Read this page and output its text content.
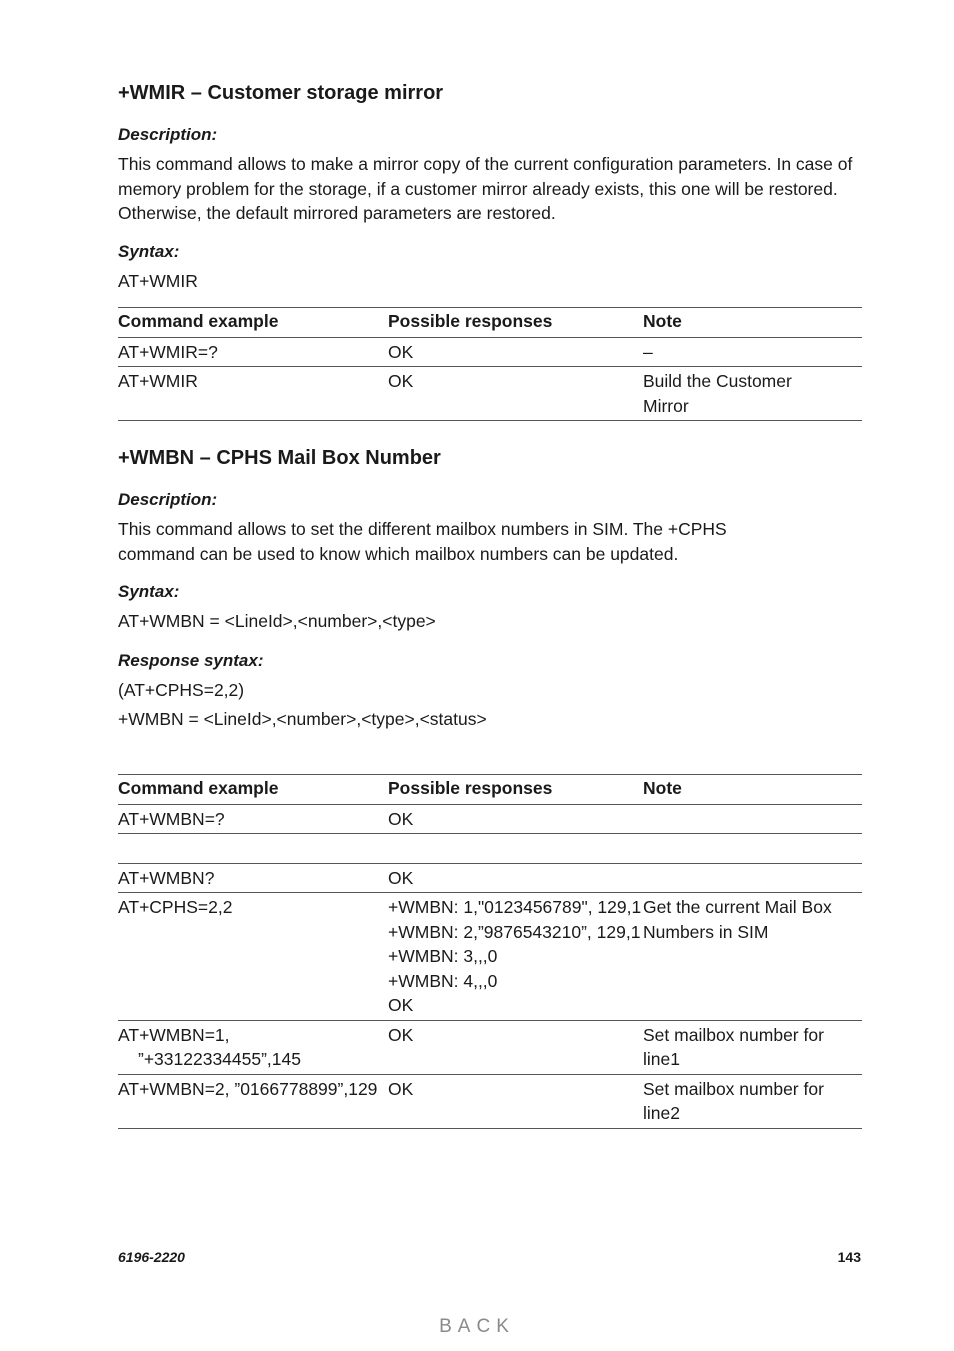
+WMIR – Customer storage mirror

Description:

This command allows to make a mirror copy of the current configuration parameters. In case of memory problem for the storage, if a customer mirror already exists, this one will be restored. Otherwise, the default mirrored parameters are restored.

Syntax:

AT+WMIR

Command example	Possible responses	Note
AT+WMIR=?	OK	–
AT+WMIR	OK	Build the Customer Mirror
+WMBN – CPHS Mail Box Number

Description:

This command allows to set the different mailbox numbers in SIM. The +CPHS command can be used to know which mailbox numbers can be updated.

Syntax:

AT+WMBN = <LineId>,<number>,<type>

Response syntax:

(AT+CPHS=2,2)

+WMBN = <LineId>,<number>,<type>,<status>

Command example	Possible responses	Note

AT+WMBN=?	OK	

AT+WMBN?	OK	

AT+CPHS=2,2	+WMBN: 1,"0123456789", 129,1
+WMBN: 2,”9876543210”, 129,1
+WMBN: 3,,,0
+WMBN: 4,,,0
OK	Get the current Mail Box Numbers in SIM

AT+WMBN=1, ”+33122334455”,145	OK	Set mailbox number for line1

AT+WMBN=2, ”0166778899”,129	OK	Set mailbox number for line2
6196-2220	143
BACK
